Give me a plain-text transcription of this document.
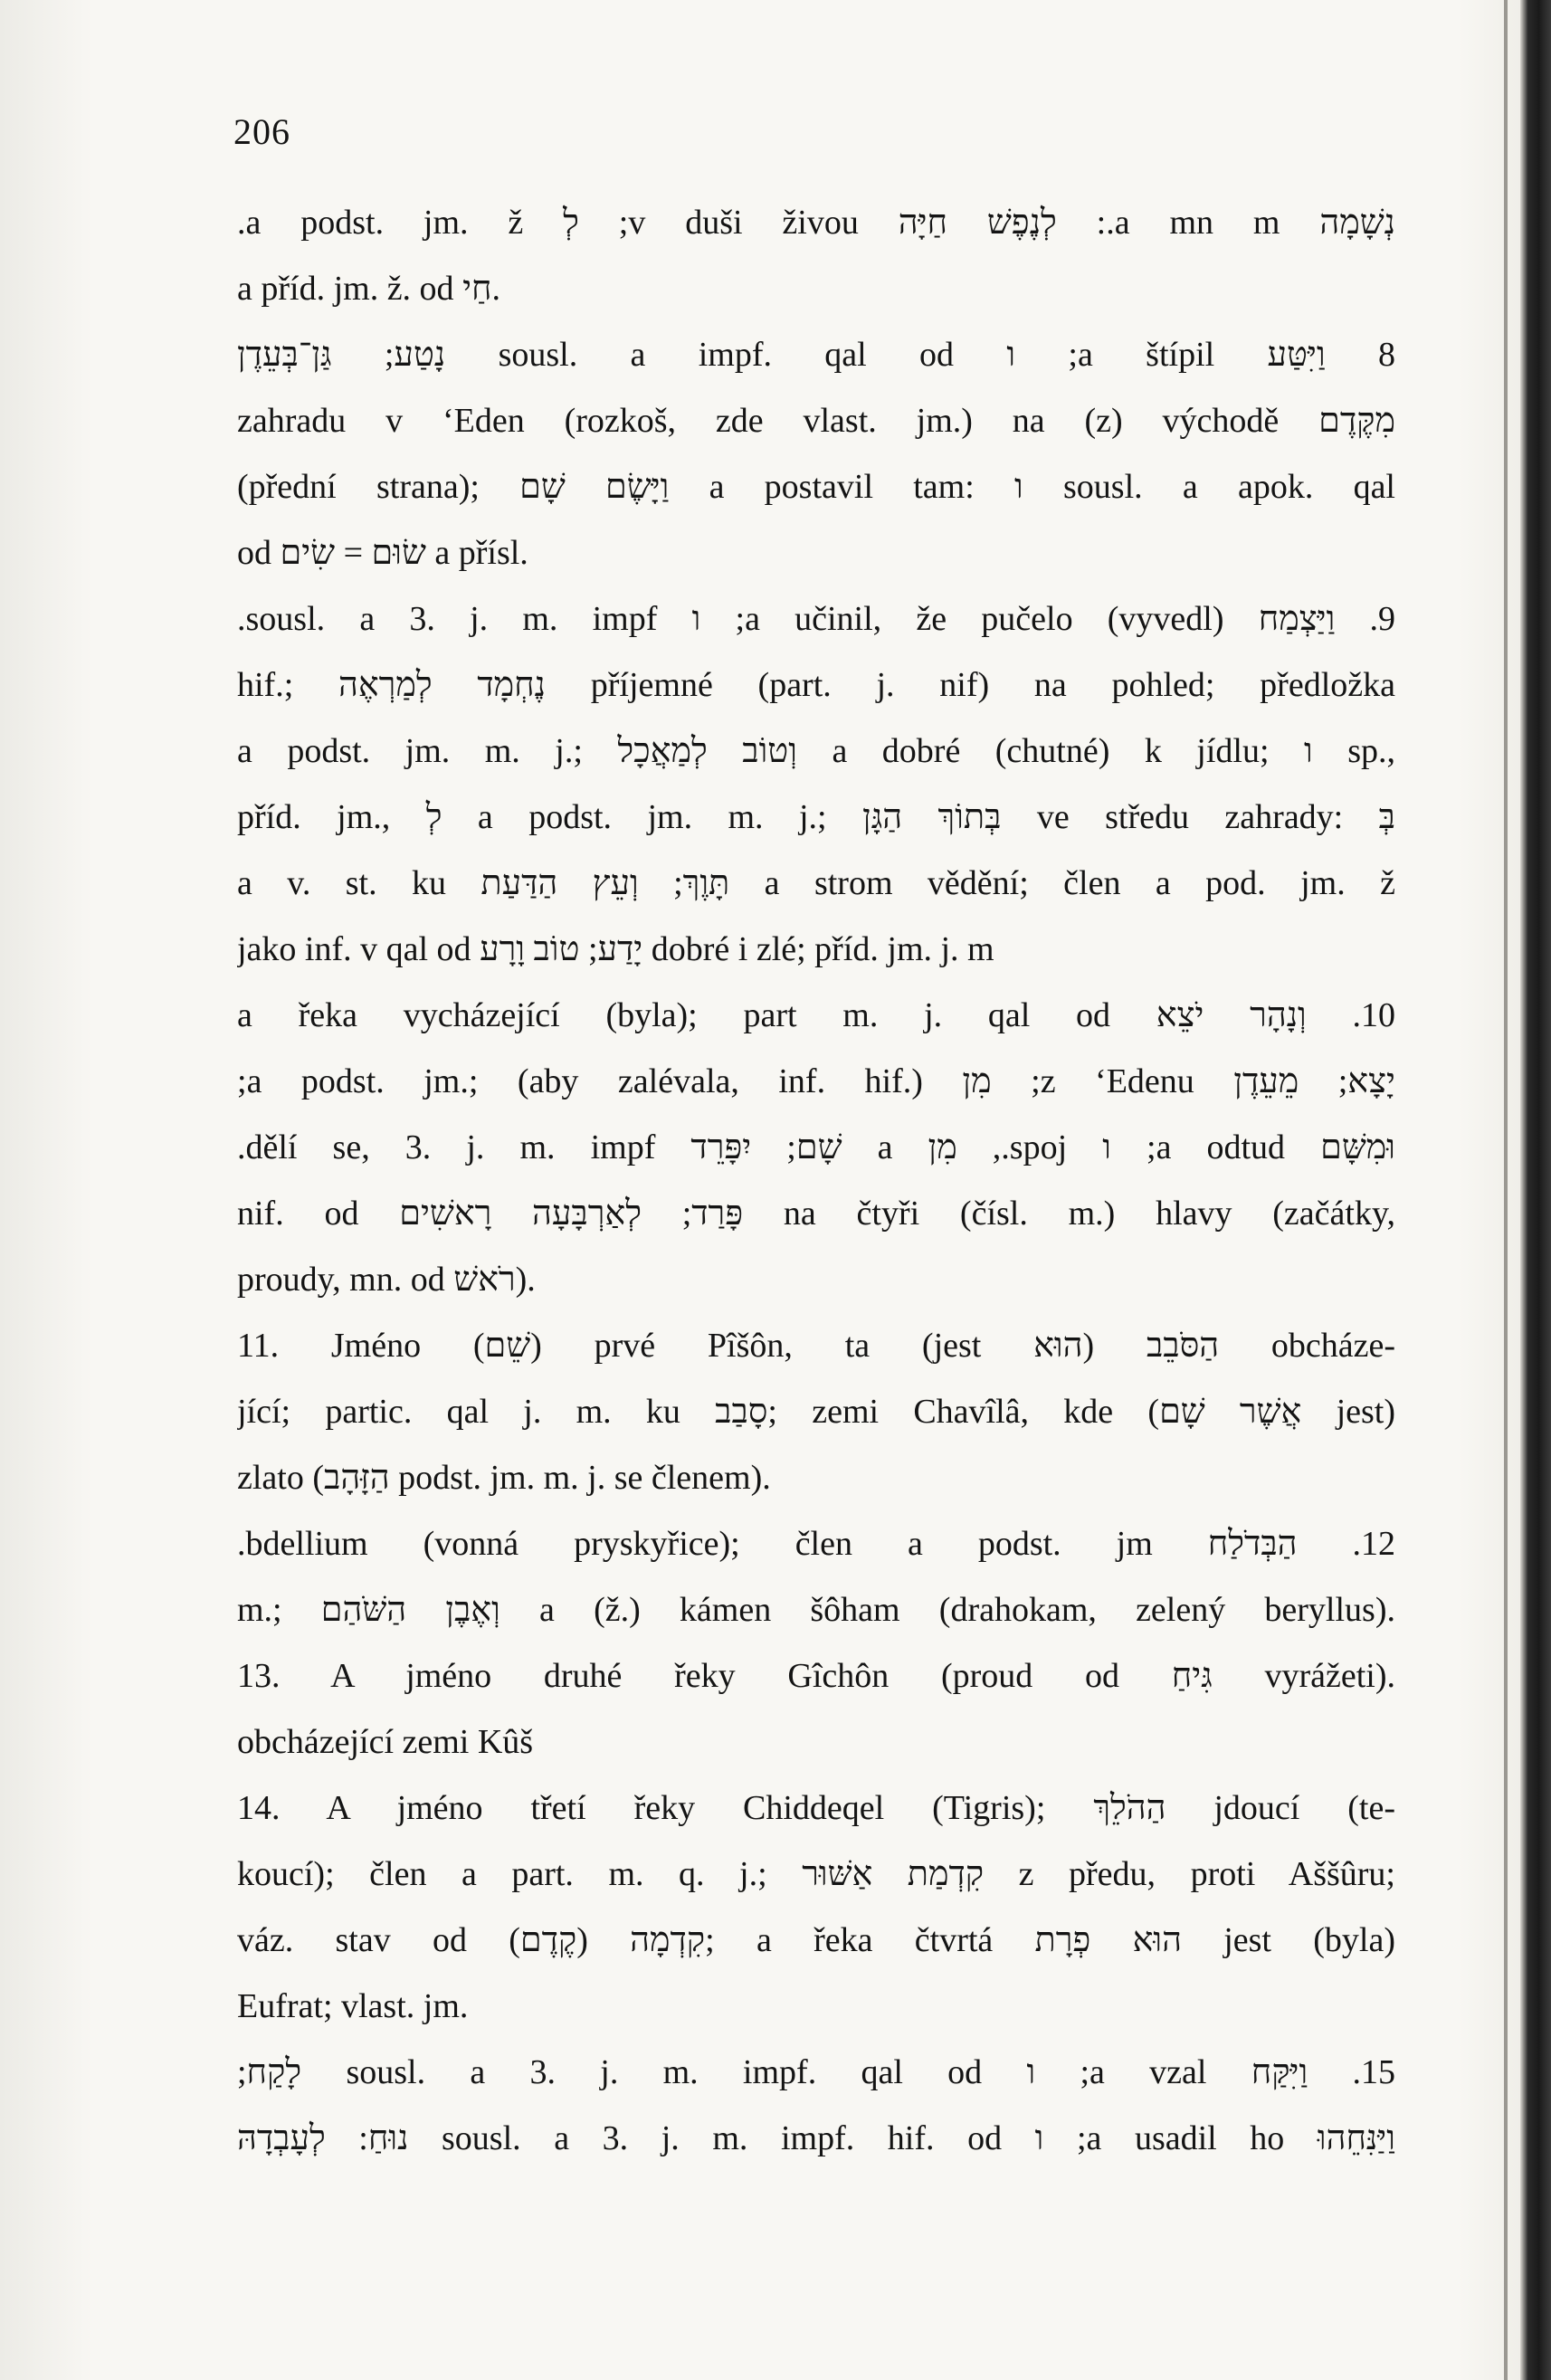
206
נְשָׁמָה a mn m.: לְנֶפֶשׁ חַיָּה v duši živou; לְ a podst. jm. ž.
a příd. jm. ž. od חַי.
8 וַיִּטַּע a štípil; ו sousl. a impf. qal od נָטַע; גַּן־בְּעֵדֶן
מִקֶּדֶם zahradu v ‘Eden (rozkoš, zde vlast. jm.) na (z) východě
(přední strana); וַיָּשֶׂם שָׁם a postavil tam: ו sousl. a apok. qal
od שׂוּם = שִׂים a přísl.
9. וַיַּצְמַח a učinil, že pučelo (vyvedl); ו sousl. a 3. j. m. impf.
hif.; נֶחְמָד לְמַרְאֶה příjemné (part. j. nif) na pohled; předložka
a podst. jm. m. j.; וְטוֹב לְמַאֲכָל a dobré (chutné) k jídlu; ו sp.,
příd. jm., לְ a podst. jm. m. j.; בְּתוֹךְ הַגָּן ve středu zahrady: בְּ
a v. st. ku תָּוֶךְ; וְעֵץ הַדַּעַת a strom vědění; člen a pod. jm. ž
jako inf. v qal od יָדַע; טוֹב וָרָע dobré i zlé; příd. jm. j. m
10. וְנָהָר יֹצֵא a řeka vycházející (byla); part m. j. qal od
יָצָא; מֵעֵדֶן z ‘Edenu; מִן a podst. jm.; (aby zalévala, inf. hif.);
וּמִשָּׁם a odtud; ו spoj., מִן a שָׁם; יִפָּרֵד dělí se, 3. j. m. impf.
nif. od פָּרַד; לְאַרְבָּעָה רָאשִׁים na čtyři (čísl. m.) hlavy (začátky,
proudy, mn. od רֹאשׁ).
11. Jméno (שֵׁם) prvé Pîšôn, ta (jest הוּא) הַסֹּבֵב obcháze-
jící; partic. qal j. m. ku סָבַב; zemi Chavîlâ, kde (אֲשֶׁר שָׁם jest)
zlato (הַזָּהָב podst. jm. m. j. se členem).
12. הַבְּדֹלַח bdellium (vonná pryskyřice); člen a podst. jm.
m.; וְאֶבֶן הַשֹּׁהַם a (ž.) kámen šôham (drahokam, zelený beryllus).
13. A jméno druhé řeky Gîchôn (proud od גִּיחַ vyrážeti).
obcházející zemi Kûš
14. A jméno třetí řeky Chiddeqel (Tigris); הַהֹלֵךְ jdoucí (te-
koucí); člen a part. m. q. j.; קִדְמַת אַשּׁוּר z předu, proti Aššûru;
váz. stav od קִדְמָה (קֶדֶם); a řeka čtvrtá הוּא פְרָת jest (byla)
Eufrat; vlast. jm.
15. וַיִּקַּח a vzal; ו sousl. a 3. j. m. impf. qal od לָקַח;
וַיַּנִּחֵהוּ a usadil ho; ו sousl. a 3. j. m. impf. hif. od נוּחַ: לְעָבְדָהּ
